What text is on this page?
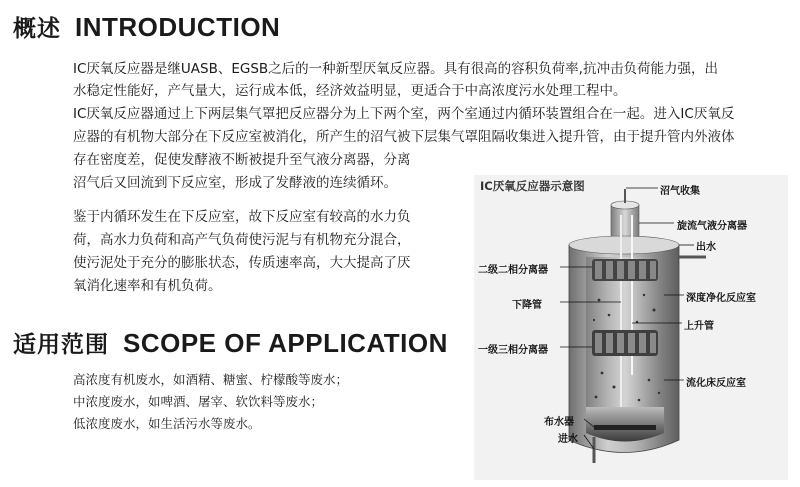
概述 INTRODUCTION
IC厌氧反应器是继UASB、EGSB之后的一种新型厌氧反应器。具有很高的容积负荷率,抗冲击负荷能力强，出
水稳定性能好，产气量大，运行成本低，经济效益明显，更适合于中高浓度污水处理工程中。
IC厌氧反应器通过上下两层集气罩把反应器分为上下两个室，两个室通过内循环装置组合在一起。进入IC厌氧反
应器的有机物大部分在下反应室被消化，所产生的沼气被下层集气罩阻隔收集进入提升管，由于提升管内外液体
存在密度差，促使发酵液不断被提升至气液分离器，分离
沼气后又回流到下反应室，形成了发酵液的连续循环。
鉴于内循环发生在下反应室，故下反应室有较高的水力负
荷，高水力负荷和高产气负荷使污泥与有机物充分混合，
使污泥处于充分的膨胀状态，传质速率高，大大提高了厌
氧消化速率和有机负荷。
适用范围 SCOPE OF APPLICATION
高浓度有机废水，如酒精、糖蜜、柠檬酸等废水；
中浓度废水，如啤酒、屠宰、软饮料等废水；
低浓度废水，如生活污水等废水。
IC厌氧反应器示意图	沼气收集
旋流气液分离器
出水
二级二相分离器
下降管
深度净化反应室
上升管
一级三相分离器
流化床反应室
布水器
进水
